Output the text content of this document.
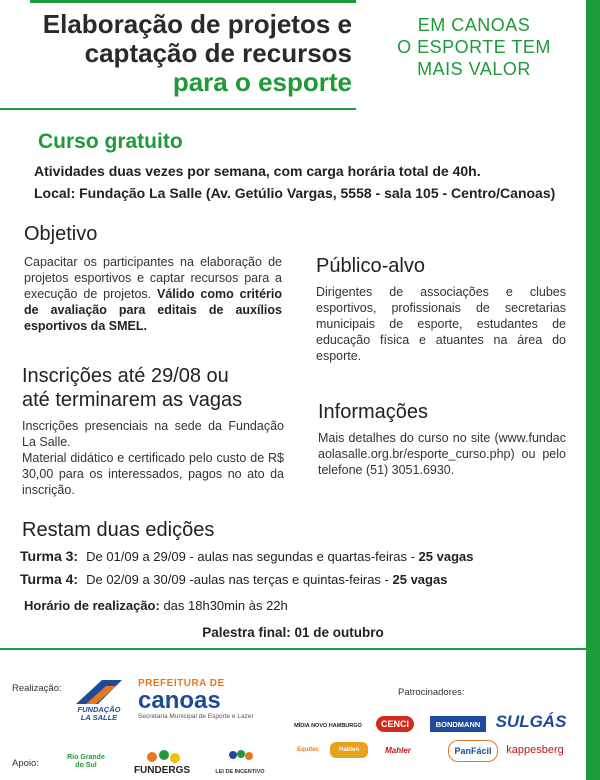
Elaboração de projetos e
captação de recursos
para o esporte
EM CANOAS
O ESPORTE TEM
MAIS VALOR
Curso gratuito
Atividades duas vezes por semana, com carga horária total de 40h.
Local: Fundação La Salle (Av. Getúlio Vargas, 5558 - sala 105 - Centro/Canoas)
Objetivo
Capacitar os participantes na elaboração de projetos esportivos e captar recursos para a execução de projetos. Válido como critério de avaliação para editais de auxílios esportivos da SMEL.
Público-alvo
Dirigentes de associações e clubes esportivos, profissionais de secretarias municipais de esporte, estudantes de educação física e atuantes na área do esporte.
Inscrições até 29/08 ou
até terminarem as vagas
Inscrições presenciais na sede da Fundação La Salle.
Material didático e certificado pelo custo de R$ 30,00 para os interessados, pagos no ato da inscrição.
Informações
Mais detalhes do curso no site (www.fundacaolasalle.org.br/esporte_curso.php) ou pelo telefone (51) 3051.6930.
Restam duas edições
Turma 3: De 01/09 a 29/09 - aulas nas segundas e quartas-feiras - 25 vagas
Turma 4: De 02/09 a 30/09 -aulas nas terças e quintas-feiras - 25 vagas
Horário de realização: das 18h30min às 22h
Palestra final: 01 de outubro
Realização:
Apoio:
Patrocinadores:
FUNDAÇÃO
LA SALLE
PREFEITURA DE
canoas
Secretaria Municipal de Esporte e Lazer
Rio Grande do Sul	FUNDERGS	LEI DE INCENTIVO
MÍDIA NOVO HAMBURGO CENCI	BONDMANN SULGÁS
Equitec	Hablen	Mahler	PanFácil kappesberg
